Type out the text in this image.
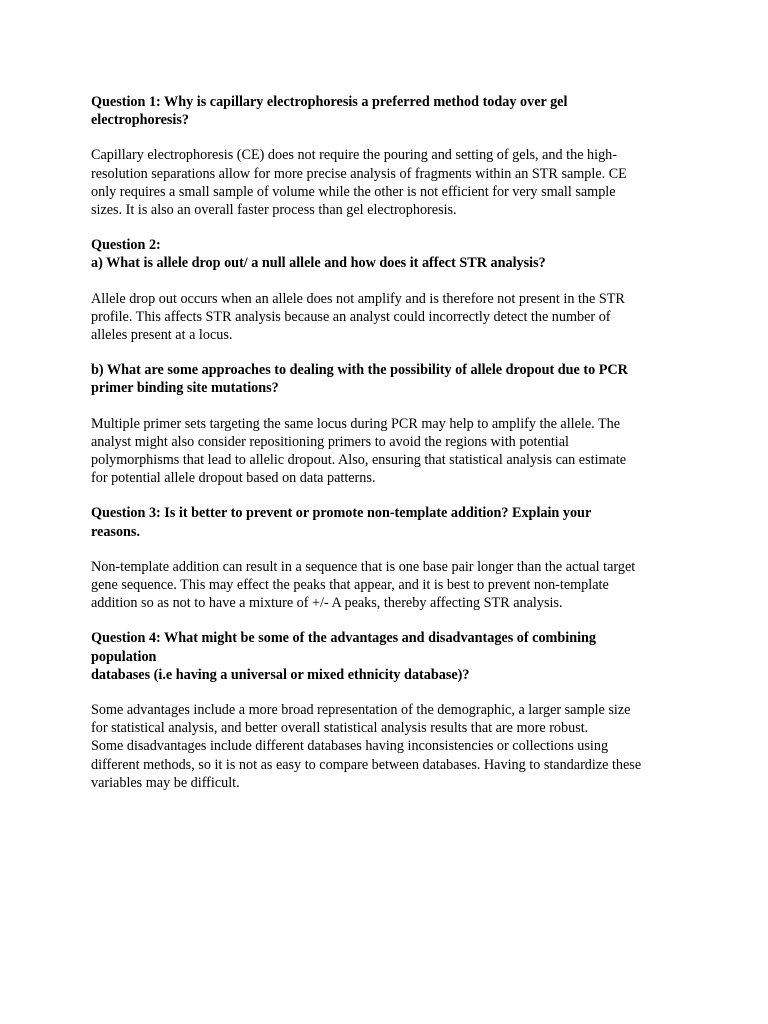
Question 1: Why is capillary electrophoresis a preferred method today over gel
electrophoresis?
Capillary electrophoresis (CE) does not require the pouring and setting of gels, and the high-
resolution separations allow for more precise analysis of fragments within an STR sample. CE
only requires a small sample of volume while the other is not efficient for very small sample
sizes. It is also an overall faster process than gel electrophoresis.
Question 2:
a) What is allele drop out/ a null allele and how does it affect STR analysis?
Allele drop out occurs when an allele does not amplify and is therefore not present in the STR
profile. This affects STR analysis because an analyst could incorrectly detect the number of
alleles present at a locus.
b) What are some approaches to dealing with the possibility of allele dropout due to PCR
primer binding site mutations?
Multiple primer sets targeting the same locus during PCR may help to amplify the allele. The
analyst might also consider repositioning primers to avoid the regions with potential
polymorphisms that lead to allelic dropout. Also, ensuring that statistical analysis can estimate
for potential allele dropout based on data patterns.
Question 3: Is it better to prevent or promote non-template addition? Explain your
reasons.
Non-template addition can result in a sequence that is one base pair longer than the actual target
gene sequence. This may effect the peaks that appear, and it is best to prevent non-template
addition so as not to have a mixture of +/- A peaks, thereby affecting STR analysis.
Question 4: What might be some of the advantages and disadvantages of combining
population
databases (i.e having a universal or mixed ethnicity database)?
Some advantages include a more broad representation of the demographic, a larger sample size
for statistical analysis, and better overall statistical analysis results that are more robust.
Some disadvantages include different databases having inconsistencies or collections using
different methods, so it is not as easy to compare between databases. Having to standardize these
variables may be difficult.
